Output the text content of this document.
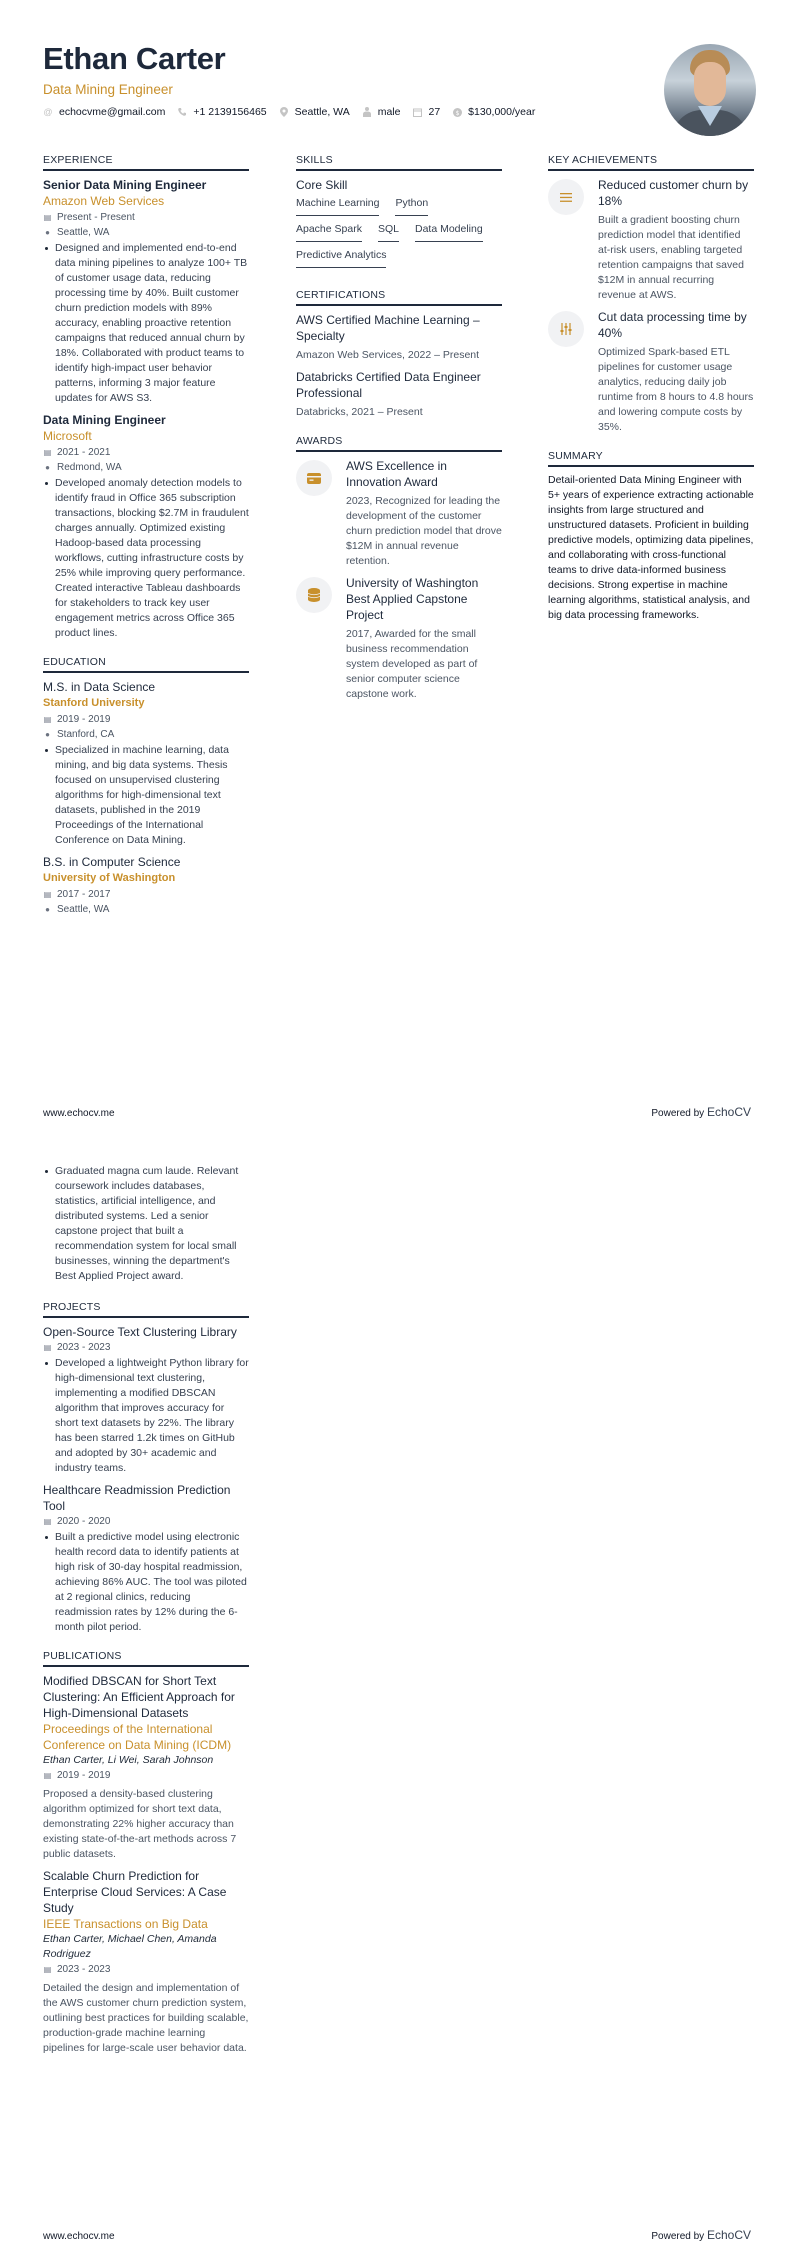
Ethan Carter
Data Mining Engineer
@ echocvme@gmail.com	+1 2139156465	Seattle, WA	male	27	$ $130,000/year
EXPERIENCE
Senior Data Mining Engineer
Amazon Web Services
▤ Present - Present
● Seattle, WA
Designed and implemented end-to-end data mining pipelines to analyze 100+ TB of customer usage data, reducing processing time by 40%. Built customer churn prediction models with 89% accuracy, enabling proactive retention campaigns that reduced annual churn by 18%. Collaborated with product teams to identify high-impact user behavior patterns, informing 3 major feature updates for AWS S3.
Data Mining Engineer
Microsoft
▤ 2021 - 2021
● Redmond, WA
Developed anomaly detection models to identify fraud in Office 365 subscription transactions, blocking $2.7M in fraudulent charges annually. Optimized existing Hadoop-based data processing workflows, cutting infrastructure costs by 25% while improving query performance. Created interactive Tableau dashboards for stakeholders to track key user engagement metrics across Office 365 product lines.
EDUCATION
M.S. in Data Science
Stanford University
▤ 2019 - 2019
● Stanford, CA
Specialized in machine learning, data mining, and big data systems. Thesis focused on unsupervised clustering algorithms for high-dimensional text datasets, published in the 2019 Proceedings of the International Conference on Data Mining.
B.S. in Computer Science
University of Washington
▤ 2017 - 2017
● Seattle, WA
SKILLS
Core Skill
Machine Learning Python
Apache Spark SQL Data Modeling
Predictive Analytics
CERTIFICATIONS
AWS Certified Machine Learning – Specialty
Amazon Web Services, 2022 – Present
Databricks Certified Data Engineer Professional
Databricks, 2021 – Present
AWARDS
AWS Excellence in Innovation Award
2023, Recognized for leading the development of the customer churn prediction model that drove $12M in annual revenue retention.
University of Washington Best Applied Capstone Project
2017, Awarded for the small business recommendation system developed as part of senior computer science capstone work.
KEY ACHIEVEMENTS
Reduced customer churn by 18%
Built a gradient boosting churn prediction model that identified at-risk users, enabling targeted retention campaigns that saved $12M in annual recurring revenue at AWS.
Cut data processing time by 40%
Optimized Spark-based ETL pipelines for customer usage analytics, reducing daily job runtime from 8 hours to 4.8 hours and lowering compute costs by 35%.
SUMMARY
Detail-oriented Data Mining Engineer with 5+ years of experience extracting actionable insights from large structured and unstructured datasets. Proficient in building predictive models, optimizing data pipelines, and collaborating with cross-functional teams to drive data-informed business decisions. Strong expertise in machine learning algorithms, statistical analysis, and big data processing frameworks.
www.echocv.me	Powered by EchoCV
Graduated magna cum laude. Relevant coursework includes databases, statistics, artificial intelligence, and distributed systems. Led a senior capstone project that built a recommendation system for local small businesses, winning the department's Best Applied Project award.
PROJECTS
Open-Source Text Clustering Library
▤ 2023 - 2023
Developed a lightweight Python library for high-dimensional text clustering, implementing a modified DBSCAN algorithm that improves accuracy for short text datasets by 22%. The library has been starred 1.2k times on GitHub and adopted by 30+ academic and industry teams.
Healthcare Readmission Prediction Tool
▤ 2020 - 2020
Built a predictive model using electronic health record data to identify patients at high risk of 30-day hospital readmission, achieving 86% AUC. The tool was piloted at 2 regional clinics, reducing readmission rates by 12% during the 6-month pilot period.
PUBLICATIONS
Modified DBSCAN for Short Text Clustering: An Efficient Approach for High-Dimensional Datasets
Proceedings of the International Conference on Data Mining (ICDM)
Ethan Carter, Li Wei, Sarah Johnson
▤ 2019 - 2019
Proposed a density-based clustering algorithm optimized for short text data, demonstrating 22% higher accuracy than existing state-of-the-art methods across 7 public datasets.
Scalable Churn Prediction for Enterprise Cloud Services: A Case Study
IEEE Transactions on Big Data
Ethan Carter, Michael Chen, Amanda Rodriguez
▤ 2023 - 2023
Detailed the design and implementation of the AWS customer churn prediction system, outlining best practices for building scalable, production-grade machine learning pipelines for large-scale user behavior data.
www.echocv.me	Powered by EchoCV
